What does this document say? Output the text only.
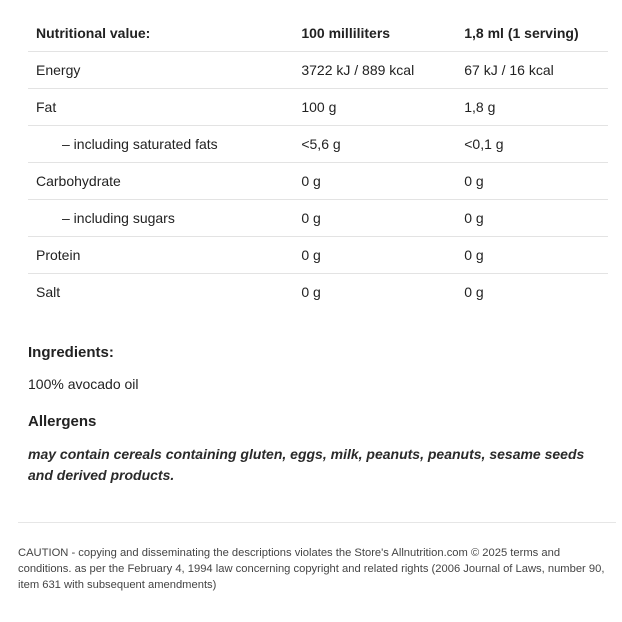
Nutritional value:	100 milliliters	1,8 ml (1 serving)
Energy	3722 kJ / 889 kcal	67 kJ / 16 kcal
Fat	100 g	1,8 g
– including saturated fats	<5,6 g	<0,1 g
Carbohydrate	0 g	0 g
– including sugars	0 g	0 g
Protein	0 g	0 g
Salt	0 g	0 g
Ingredients:

100% avocado oil

Allergens

may contain cereals containing gluten, eggs, milk, peanuts, peanuts, sesame seeds and derived products.

CAUTION - copying and disseminating the descriptions violates the Store's Allnutrition.com © 2025 terms and conditions. as per the February 4, 1994 law concerning copyright and related rights (2006 Journal of Laws, number 90, item 631 with subsequent amendments)
